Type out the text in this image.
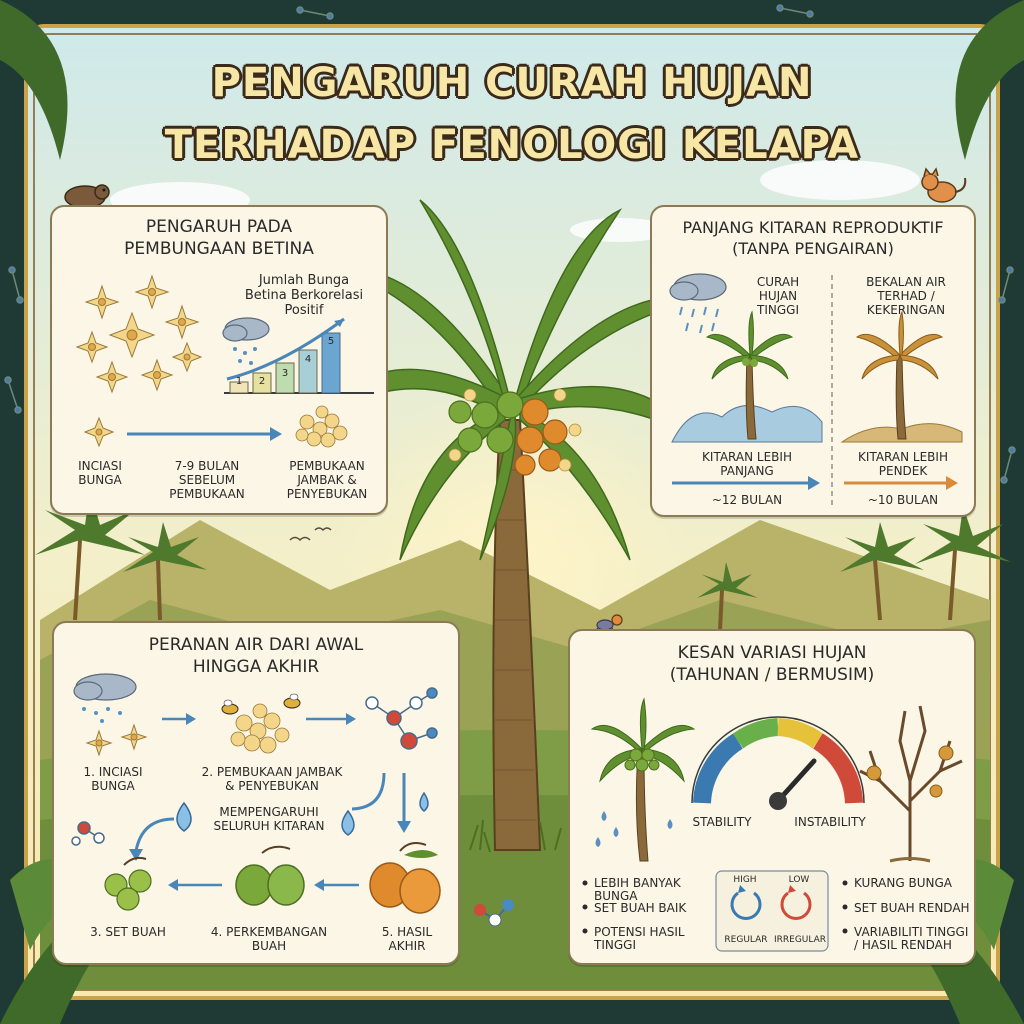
PENGARUH CURAH HUJAN
TERHADAP FENOLOGI KELAPA
PENGARUH PADA
PEMBUNGAAN BETINA
Jumlah Bunga
Betina Berkorelasi
Positif
1	2
3
4
5
INCIASI
BUNGA
7-9 BULAN
SEBELUM
PEMBUKAAN
PEMBUKAAN
JAMBAK &
PENYEBUKAN
PANJANG KITARAN REPRODUKTIF
(TANPA PENGAIRAN)
CURAH
HUJAN
TINGGI
BEKALAN AIR
TERHAD /
KEKERINGAN
KITARAN LEBIH
PANJANG
~12 BULAN
KITARAN LEBIH
PENDEK
~10 BULAN
PERANAN AIR DARI AWAL
HINGGA AKHIR
1. INCIASI
BUNGA
2. PEMBUKAAN JAMBAK
& PENYEBUKAN
MEMPENGARUHI
SELURUH KITARAN
3. SET BUAH	4. PERKEMBANGAN
BUAH
5. HASIL
AKHIR
KESAN VARIASI HUJAN
(TAHUNAN / BERMUSIM)
STABILITY	INSTABILITY
LEBIH BANYAK
BUNGA
SET BUAH BAIK
POTENSI HASIL
TINGGI
KURANG BUNGA
SET BUAH RENDAH
VARIABILITI TINGGI
/ HASIL RENDAH
HIGH	LOW
REGULAR IRREGULAR
